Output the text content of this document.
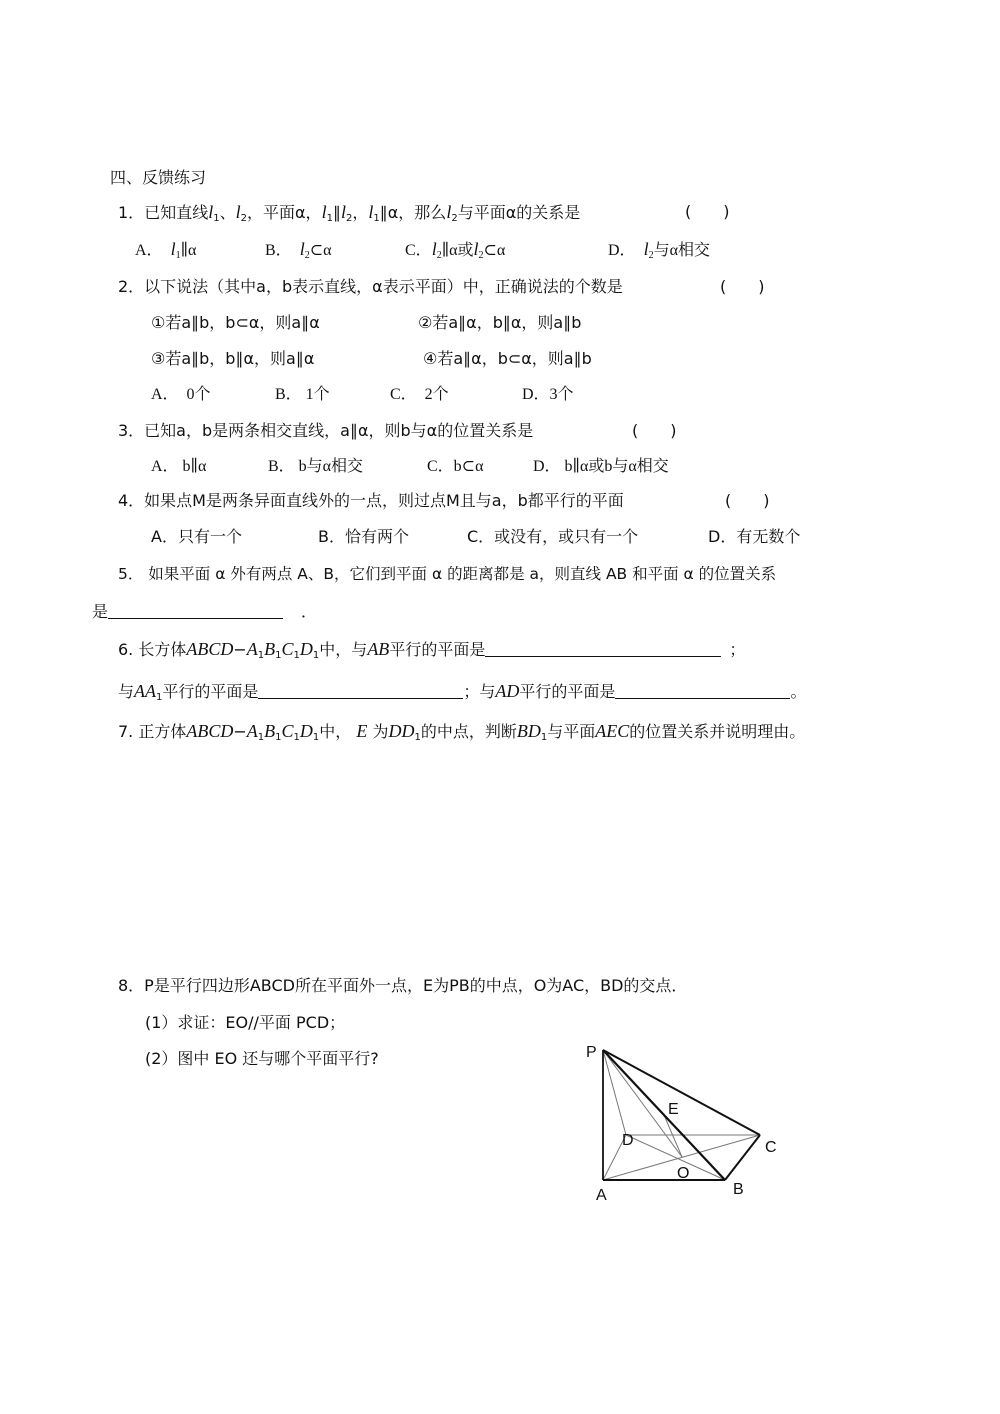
四、反馈练习
1．已知直线$l_1$、$l_2$，平面α，$l_1\parallel l_2$，$l_1\parallel\alpha$，那么$l_2$与平面α的关系是	(　　)
A． $l_1\parallel\alpha$	B． $l_2\subset\alpha$	C．$l_2\parallel\alpha$或$l_2\subset\alpha$	D． $l_2$与α相交
2．以下说法（其中a，b表示直线，α表示平面）中，正确说法的个数是	(　　)
①若a∥b，b⊂α，则a∥α	②若a∥α，b∥α，则a∥b
③若a∥b，b∥α，则a∥α	④若a∥α，b⊂α，则a∥b
A．　0个	B． 1个	C．　2个	D．3个
3．已知a，b是两条相交直线，a∥α，则b与α的位置关系是	(　　)
A． b∥α	B． b与α相交	C．b⊂α	D． b∥α或b与α相交
4．如果点M是两条异面直线外的一点，则过点M且与a，b都平行的平面	(　　)
A．只有一个	B．恰有两个	C．或没有，或只有一个	D．有无数个
5． 如果平面 α 外有两点 A、B，它们到平面 α 的距离都是 a，则直线 AB 和平面 α 的位置关系
是	．
6. 长方体$ABCD-A_1B_1C_1D_1$中，与AB平行的平面是	；
与$AA_1$平行的平面是	；与AD平行的平面是	。
7. 正方体$ABCD-A_1B_1C_1D_1$中， E 为$DD_1$的中点，判断$BD_1$与平面AEC的位置关系并说明理由。
8．P是平行四边形ABCD所在平面外一点，E为PB的中点，O为AC，BD的交点．
(1）求证：EO//平面 PCD；
(2）图中 EO 还与哪个平面平行?	P
E
D	C
O
A	B
